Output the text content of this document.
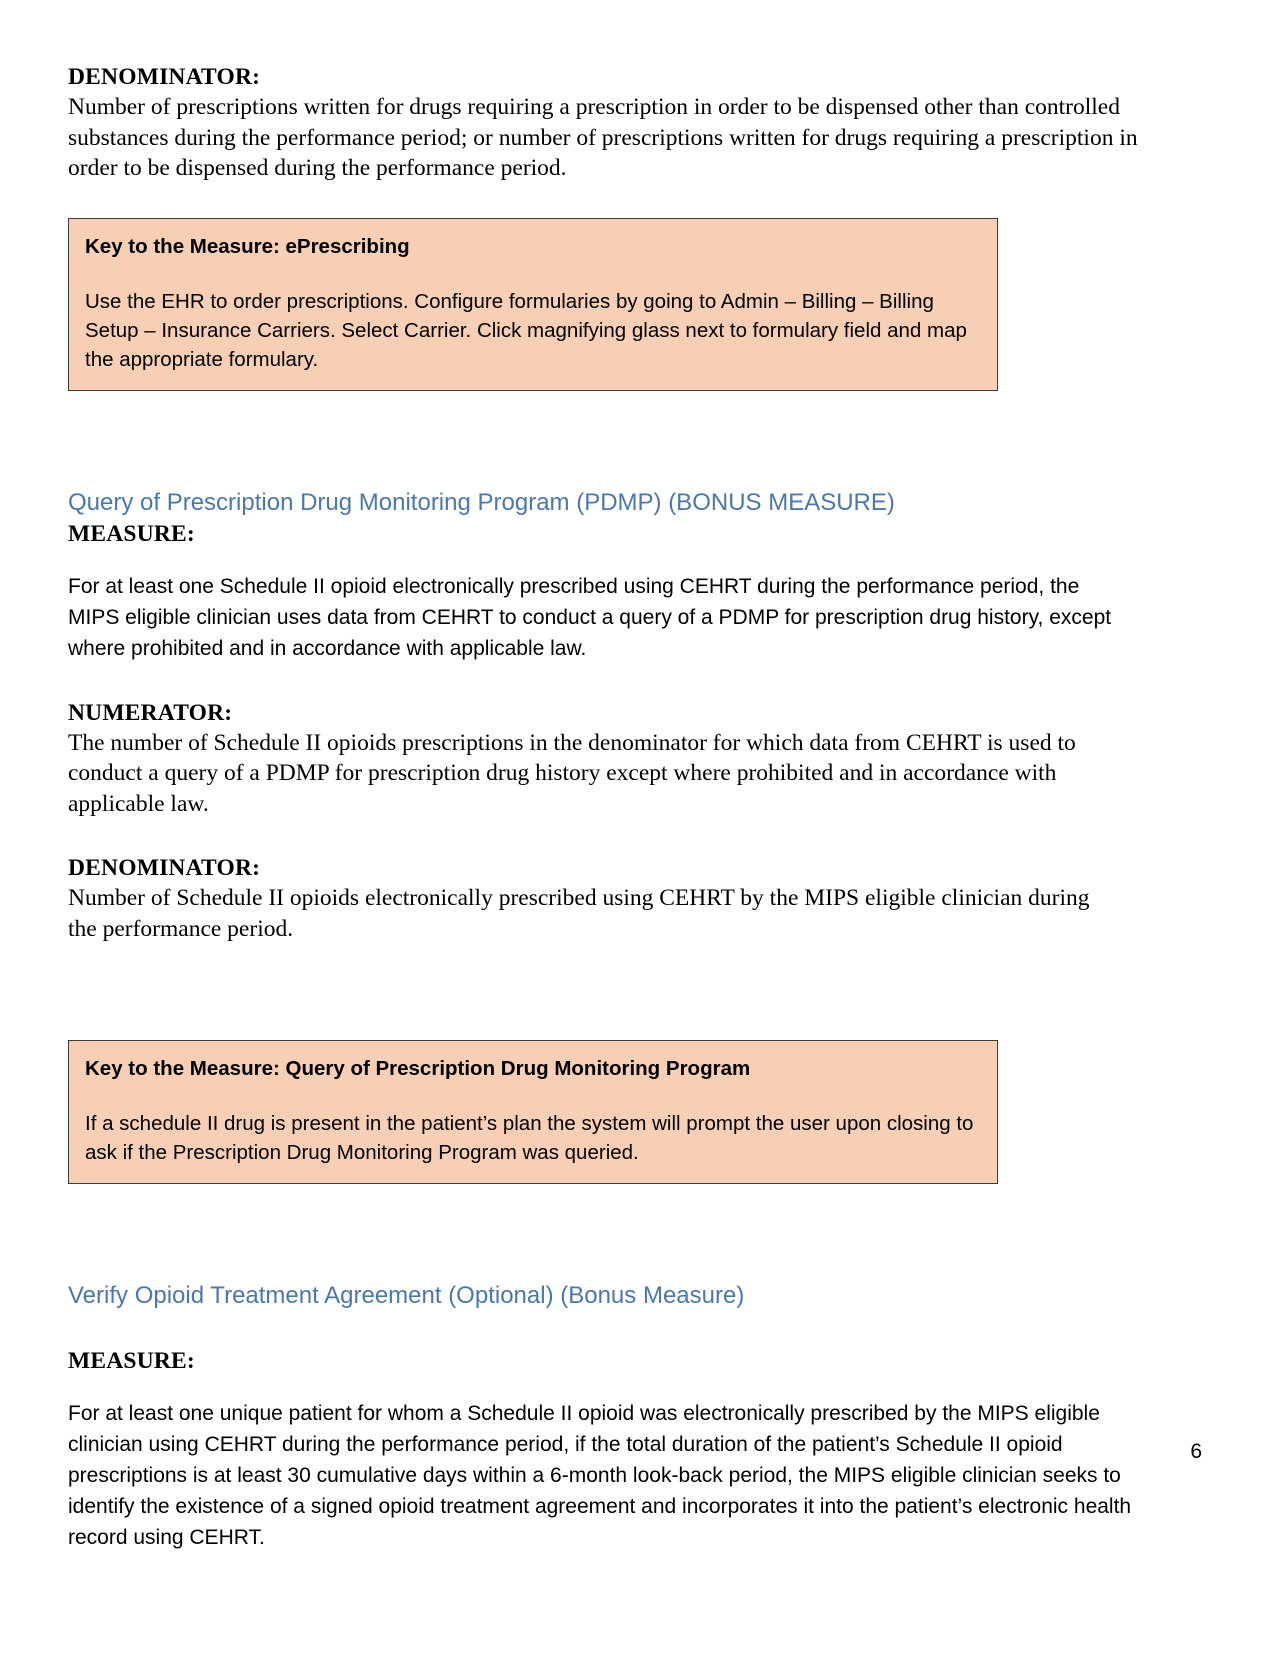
DENOMINATOR:

Number of prescriptions written for drugs requiring a prescription in order to be dispensed other than controlled substances during the performance period; or number of prescriptions written for drugs requiring a prescription in order to be dispensed during the performance period.

Key to the Measure: ePrescribing

Use the EHR to order prescriptions. Configure formularies by going to Admin – Billing – Billing Setup – Insurance Carriers. Select Carrier. Click magnifying glass next to formulary field and map the appropriate formulary.

Query of Prescription Drug Monitoring Program (PDMP) (BONUS MEASURE)

MEASURE:

For at least one Schedule II opioid electronically prescribed using CEHRT during the performance period, the MIPS eligible clinician uses data from CEHRT to conduct a query of a PDMP for prescription drug history, except where prohibited and in accordance with applicable law.

NUMERATOR:

The number of Schedule II opioids prescriptions in the denominator for which data from CEHRT is used to conduct a query of a PDMP for prescription drug history except where prohibited and in accordance with applicable law.

DENOMINATOR:

Number of Schedule II opioids electronically prescribed using CEHRT by the MIPS eligible clinician during the performance period.

Key to the Measure: Query of Prescription Drug Monitoring Program

If a schedule II drug is present in the patient’s plan the system will prompt the user upon closing to ask if the Prescription Drug Monitoring Program was queried.

Verify Opioid Treatment Agreement (Optional) (Bonus Measure)

MEASURE:

For at least one unique patient for whom a Schedule II opioid was electronically prescribed by the MIPS eligible clinician using CEHRT during the performance period, if the total duration of the patient’s Schedule II opioid prescriptions is at least 30 cumulative days within a 6-month look-back period, the MIPS eligible clinician seeks to identify the existence of a signed opioid treatment agreement and incorporates it into the patient’s electronic health record using CEHRT.

6
